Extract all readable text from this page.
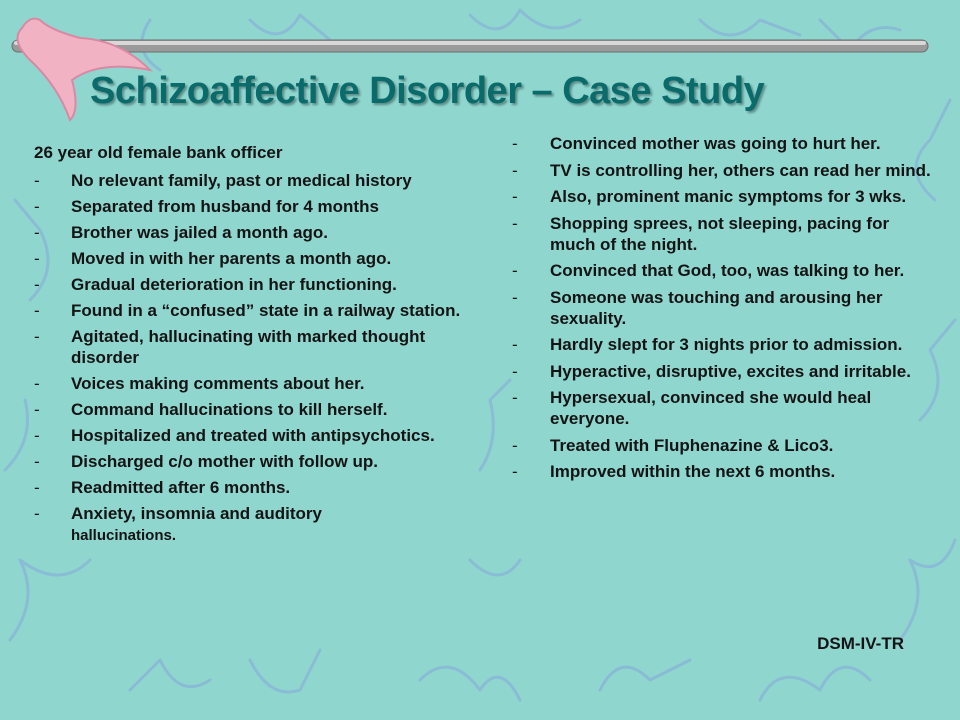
Schizoaffective Disorder – Case Study
26 year old female bank officer
- No relevant family, past or medical history
- Separated from husband for 4 months
- Brother was jailed a month ago.
- Moved in with her parents a month ago.
- Gradual deterioration in her functioning.
- Found in a “confused” state in a railway station.
- Agitated, hallucinating with marked thought disorder
- Voices making comments about her.
- Command hallucinations to kill herself.
- Hospitalized and treated with antipsychotics.
- Discharged c/o mother with follow up.
- Readmitted after 6 months.
- Anxiety, insomnia and auditory
hallucinations.
- Convinced mother was going to hurt her.
- TV is controlling her, others can read her mind.
- Also, prominent manic symptoms for 3 wks.
- Shopping sprees, not sleeping, pacing for much of the night.
- Convinced that God, too, was talking to her.
- Someone was touching and arousing her sexuality.
- Hardly slept for 3 nights prior to admission.
- Hyperactive, disruptive, excites and irritable.
- Hypersexual, convinced she would heal everyone.
- Treated with Fluphenazine & Lico3.
- Improved within the next 6 months.
DSM-IV-TR
